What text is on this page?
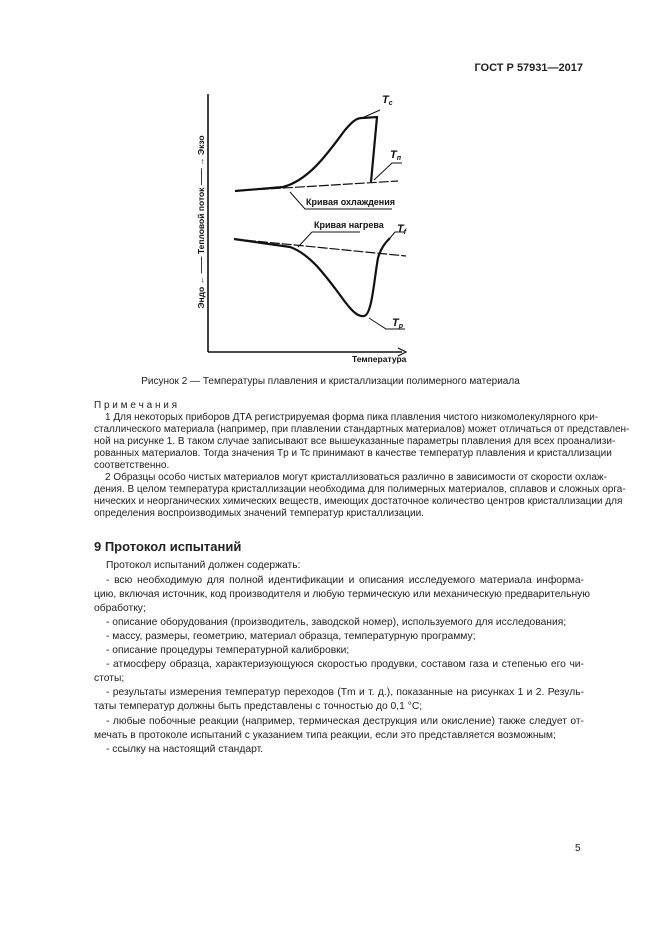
ГОСТ Р 57931—2017
Кривая охлаждения
Кривая нагрева
Температура
Эндо ← —— Тепловой поток —— → Экзо
Tc
Tп
Tf
Tp
Рисунок 2 — Температуры плавления и кристаллизации полимерного материала
П р и м е ч а н и я
1 Для некоторых приборов ДТА регистрируемая форма пика плавления чистого низкомолекулярного кри-
сталлического материала (например, при плавлении стандартных материалов) может отличаться от представлен-
ной на рисунке 1. В таком случае записывают все вышеуказанные параметры плавления для всех проанализи-
рованных материалов. Тогда значения Tp и Tc принимают в качестве температур плавления и кристаллизации
соответственно.
2 Образцы особо чистых материалов могут кристаллизоваться различно в зависимости от скорости охлаж-
дения. В целом температура кристаллизации необходима для полимерных материалов, сплавов и сложных орга-
нических и неорганических химических веществ, имеющих достаточное количество центров кристаллизации для
определения воспроизводимых значений температур кристаллизации.
9 Протокол испытаний
Протокол испытаний должен содержать:
- всю необходимую для полной идентификации и описания исследуемого материала информа-
цию, включая источник, код производителя и любую термическую или механическую предварительную
обработку;
- описание оборудования (производитель, заводской номер), используемого для исследования;
- массу, размеры, геометрию, материал образца, температурную программу;
- описание процедуры температурной калибровки;
- атмосферу образца, характеризующуюся скоростью продувки, составом газа и степенью его чи-
стоты;
- результаты измерения температур переходов (Tm и т. д.), показанные на рисунках 1 и 2. Резуль-
таты температур должны быть представлены с точностью до 0,1 °С;
- любые побочные реакции (например, термическая деструкция или окисление) также следует от-
мечать в протоколе испытаний с указанием типа реакции, если это представляется возможным;
- ссылку на настоящий стандарт.
5
